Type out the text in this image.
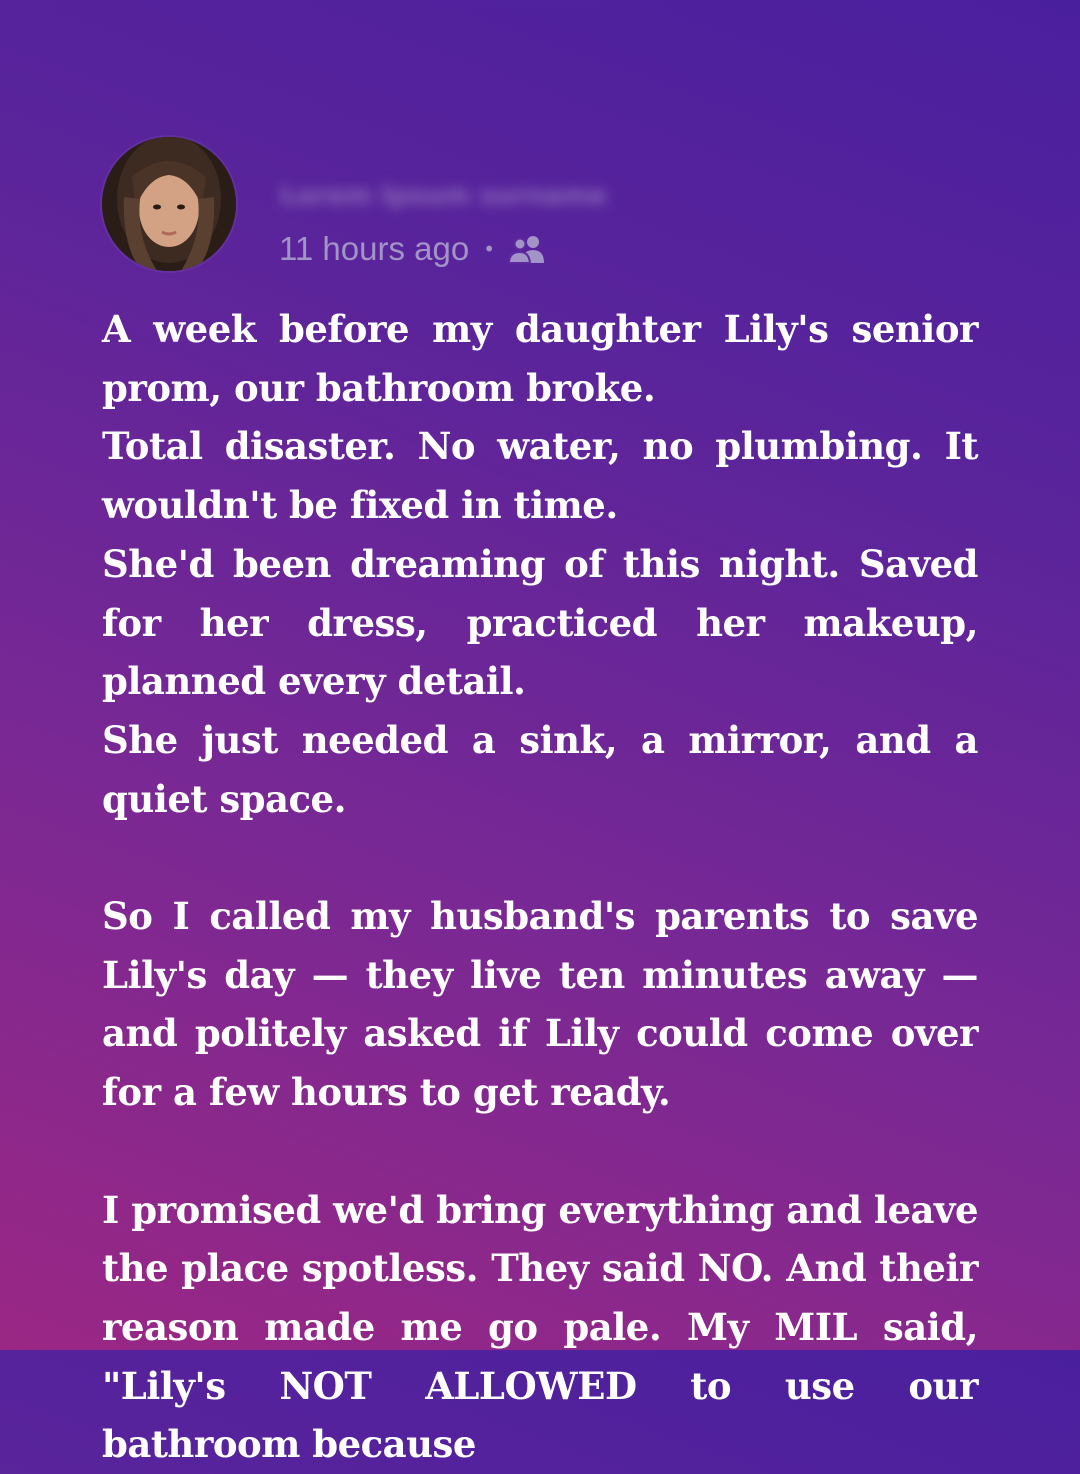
Lorem Ipsum surname
11 hours ago •

A week before my daughter Lily's senior prom, our bathroom broke.

Total disaster. No water, no plumbing. It wouldn't be fixed in time.

She'd been dreaming of this night. Saved for her dress, practiced her makeup, planned every detail.

She just needed a sink, a mirror, and a quiet space.

So I called my husband's parents to save Lily's day — they live ten minutes away — and politely asked if Lily could come over for a few hours to get ready.

I promised we'd bring everything and leave the place spotless. They said NO. And their reason made me go pale. My MIL said, "Lily's NOT ALLOWED to use our bathroom because
